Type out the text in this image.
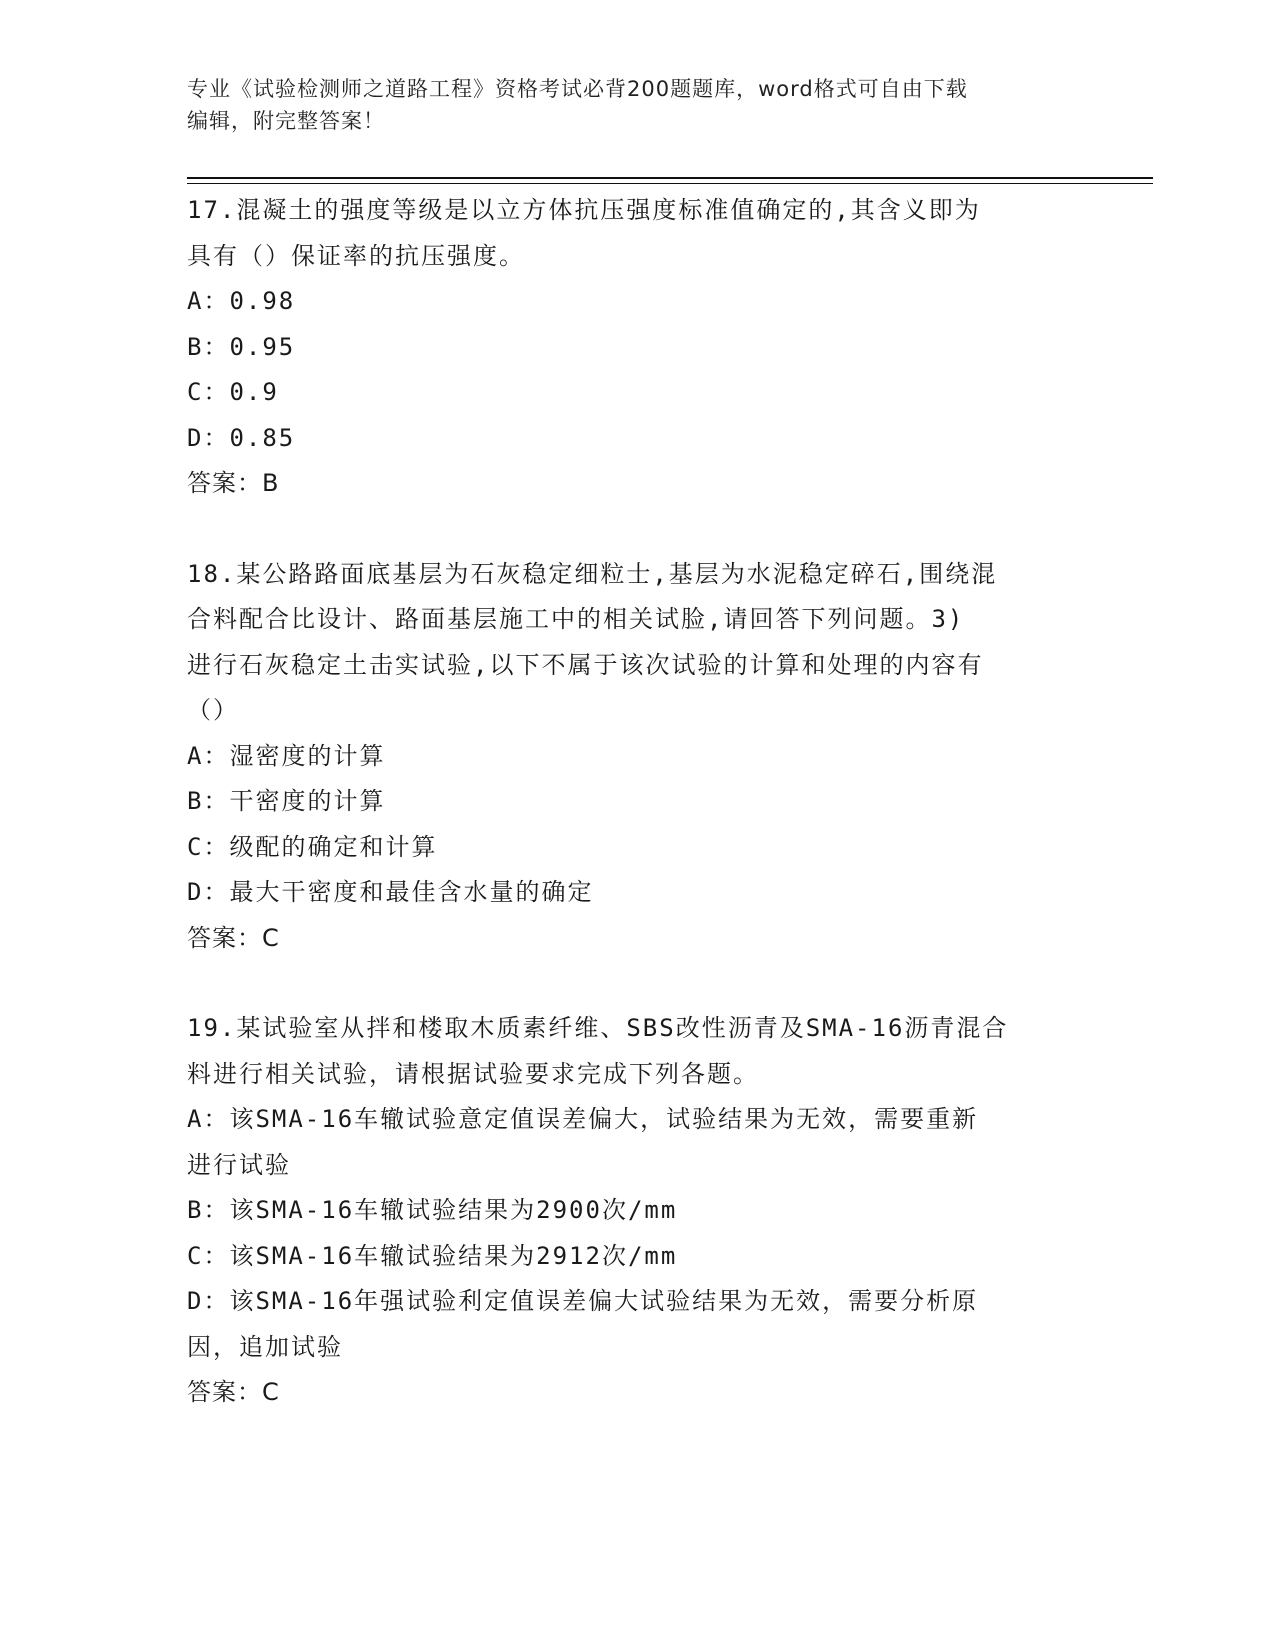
专业《试验检测师之道路工程》资格考试必背200题题库，word格式可自由下载
编辑，附完整答案！
17.混凝土的强度等级是以立方体抗压强度标准值确定的,其含义即为
具有（）保证率的抗压强度。
A：0.98
B：0.95
C：0.9
D：0.85
答案：B
18.某公路路面底基层为石灰稳定细粒士,基层为水泥稳定碎石,围绕混
合料配合比设计、路面基层施工中的相关试脸,请回答下列问题。3)
进行石灰稳定土击实试验,以下不属于该次试验的计算和处理的内容有
（）
A：湿密度的计算
B：干密度的计算
C：级配的确定和计算
D：最大干密度和最佳含水量的确定
答案：C
19.某试验室从拌和楼取木质素纤维、SBS改性沥青及SMA-16沥青混合
料进行相关试验，请根据试验要求完成下列各题。
A：该SMA-16车辙试验意定值误差偏大，试验结果为无效，需要重新
进行试验
B：该SMA-16车辙试验结果为2900次/mm
C：该SMA-16车辙试验结果为2912次/mm
D：该SMA-16年强试验利定值误差偏大试验结果为无效，需要分析原
因，追加试验
答案：C
